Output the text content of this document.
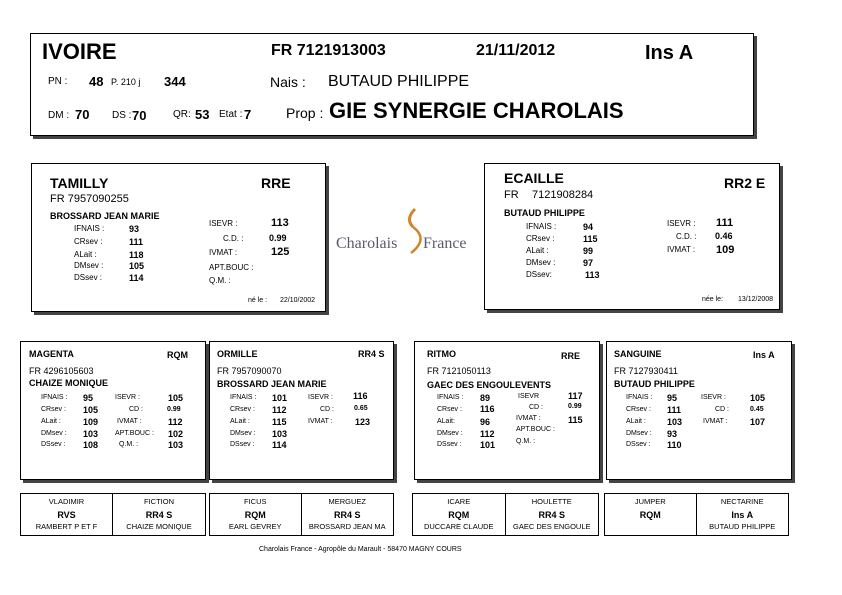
IVOIRE	FR 7121913003	21/11/2012	Ins A
PN : 48 P. 210 j 344	Nais : BUTAUD PHILIPPE
DM : 70 DS : 70	QR: 53 Etat : 7 Prop : GIE SYNERGIE CHAROLAIS
TAMILLY	RRE
FR 7957090255
BROSSARD JEAN MARIE
IFNAIS :	93
CRsev :	111
ALait :	118
DMsev :	105
DSsev :	114
ISEVR :	113
C.D. :	0.99
IVMAT :	125
APT.BOUC :
Q.M. :
né le : 22/10/2002
Charolais France
ECAILLE	RR2 E
FR 7121908284
BUTAUD PHILIPPE
IFNAIS :	94
CRsev :	115
ALait :	99
DMsev :	97
DSsev:	113
ISEVR : 111
C.D. : 0.46
IVMAT : 109
née le: 13/12/2008
MAGENTA	RQM
FR 4296105603
CHAIZE MONIQUE
IFNAIS : 95
CRsev : 105
ALait : 109
DMsev : 103
DSsev : 108
ISEVR :	105
CD :	0.99
IVMAT :	112
APT.BOUC : 102
Q.M. :	103
ORMILLE	RR4 S
FR 7957090070
BROSSARD JEAN MARIE
IFNAIS : 101
CRsev : 112
ALait : 115
DMsev : 103
DSsev : 114
ISEVR : 116
CD :	0.65
IVMAT : 123
RITMO	RRE
FR 7121050113
GAEC DES ENGOULEVENTS
IFNAIS : 89
CRsev : 116
ALait:	96
DMsev : 112
DSsev : 101
ISEVR	117
CD :	0.99
IVMAT :	115
APT.BOUC :
Q.M. :
SANGUINE	Ins A
FR 7127930411
BUTAUD PHILIPPE
IFNAIS : 95
CRsev : 111
ALait : 103
DMsev : 93
DSsev : 110
ISEVR :	105
CD :	0.45
IVMAT : 107
VLADIMIR
RVS
RAMBERT P ET F
FICTION
RR4 S
CHAIZE MONIQUE
FICUS
RQM
EARL GEVREY
MERGUEZ
RR4 S
BROSSARD JEAN MA
ICARE
RQM
DUCCARE CLAUDE
HOULETTE
RR4 S
GAEC DES ENGOULE
JUMPER
RQM
NECTARINE
Ins A
BUTAUD PHILIPPE
Charolais France - Agropôle du Marault - 58470 MAGNY COURS
